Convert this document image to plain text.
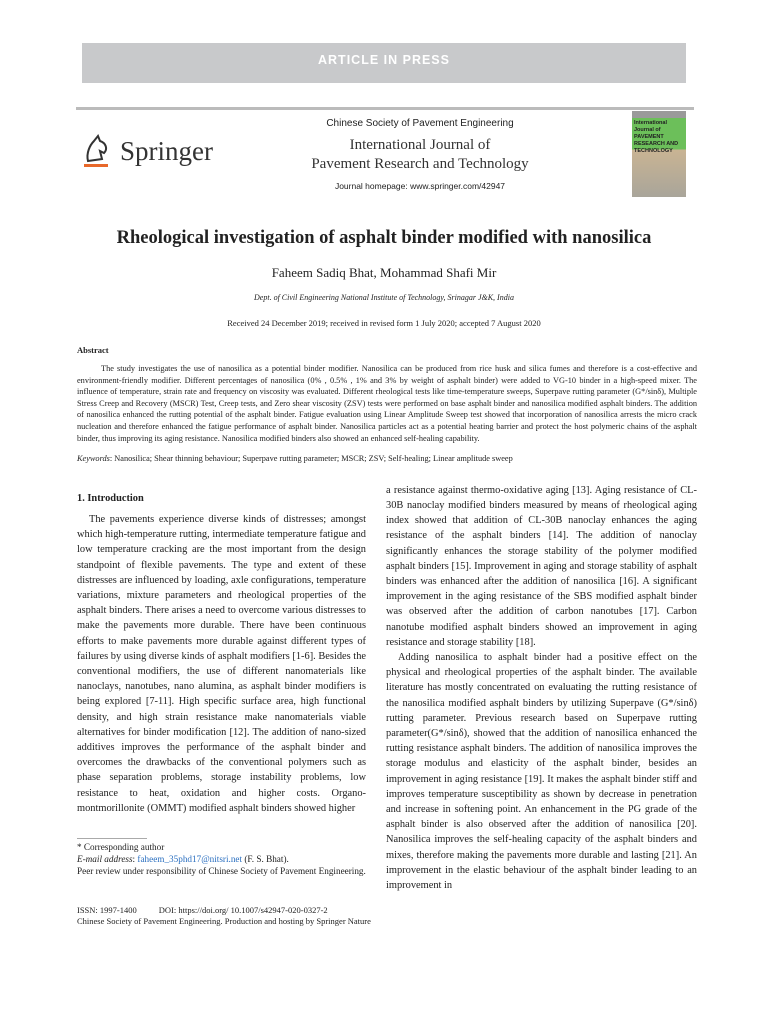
ARTICLE IN PRESS
Springer
Chinese Society of Pavement Engineering
International Journal of
Pavement Research and Technology
Journal homepage: www.springer.com/42947
International Journal of PAVEMENT RESEARCH AND TECHNOLOGY
Rheological investigation of asphalt binder modified with nanosilica
Faheem Sadiq Bhat, Mohammad Shafi Mir
Dept. of Civil Engineering National Institute of Technology, Srinagar J&K, India
Received 24 December 2019; received in revised form 1 July 2020; accepted 7 August 2020
Abstract
The study investigates the use of nanosilica as a potential binder modifier. Nanosilica can be produced from rice husk and silica fumes and therefore is a cost-effective and environment-friendly modifier. Different percentages of nanosilica (0% , 0.5% , 1% and 3% by weight of asphalt binder) were added to VG-10 binder in a high-speed mixer. The influence of temperature, strain rate and frequency on viscosity was evaluated. Different rheological tests like time-temperature sweeps, Superpave rutting parameter (G*/sinδ), Multiple Stress Creep and Recovery (MSCR) Test, Creep tests, and Zero shear viscosity (ZSV) tests were performed on base asphalt binder and nanosilica modified asphalt binders. The addition of nanosilica enhanced the rutting potential of the asphalt binder. Fatigue evaluation using Linear Amplitude Sweep test showed that incorporation of nanosilica arrests the micro crack nucleation and therefore enhanced the fatigue performance of asphalt binder. Nanosilica particles act as a potential heating barrier and protect the host polymeric chains of the asphalt binder, thus improving its aging resistance. Nanosilica modified binders also showed an enhanced self-healing capability.
Keywords: Nanosilica; Shear thinning behaviour; Superpave rutting parameter; MSCR; ZSV; Self-healing; Linear amplitude sweep

1. Introduction

The pavements experience diverse kinds of distresses; amongst which high-temperature rutting, intermediate temperature fatigue and low temperature cracking are the most important from the design standpoint of flexible pavements. The type and extent of these distresses are influenced by loading, axle configurations, temperature variations, mixture parameters and rheological properties of the asphalt binders. There arises a need to overcome various distresses to make the pavements more durable. There have been continuous efforts to make pavements more durable against different types of failures by using diverse kinds of asphalt modifiers [1-6]. Besides the conventional modifiers, the use of different nanomaterials like nanoclays, nanotubes, nano alumina, as asphalt binder modifiers is being explored [7-11]. High specific surface area, high functional density, and high strain resistance make nanomaterials viable alternatives for binder modification [12]. The addition of nano-sized additives improves the performance of the asphalt binder and overcomes the drawbacks of the conventional polymers such as phase separation problems, storage instability problems, low resistance to heat, oxidation and higher costs. Organo-montmorillonite (OMMT) modified asphalt binders showed higher

* Corresponding author
E-mail address: faheem_35phd17@nitsri.net (F. S. Bhat).
Peer review under responsibility of Chinese Society of Pavement Engineering.

a resistance against thermo-oxidative aging [13]. Aging resistance of CL-30B nanoclay modified binders measured by means of rheological aging index showed that addition of CL-30B nanoclay enhances the aging resistance of the asphalt binders [14]. The addition of nanoclay significantly enhances the storage stability of the polymer modified asphalt binders [15]. Improvement in aging and storage stability of asphalt binders was enhanced after the addition of nanosilica [16]. A significant improvement in the aging resistance of the SBS modified asphalt binder was observed after the addition of carbon nanotubes [17]. Carbon nanotube modified asphalt binders showed an improvement in aging resistance and storage stability [18].

Adding nanosilica to asphalt binder had a positive effect on the physical and rheological properties of the asphalt binder. The available literature has mostly concentrated on evaluating the rutting resistance of the nanosilica modified asphalt binders by utilizing Superpave (G*/sinδ) rutting parameter. Previous research based on Superpave rutting parameter(G*/sinδ), showed that the addition of nanosilica enhanced the rutting resistance asphalt binders. The addition of nanosilica improves the storage modulus and elasticity of the asphalt binder, besides an improvement in aging resistance [19]. It makes the asphalt binder stiff and improves temperature susceptibility as shown by decrease in penetration and increase in softening point. An enhancement in the PG grade of the asphalt binder is also observed after the addition of nanosilica [20]. Nanosilica improves the self-healing capacity of the asphalt binders and mixes, therefore making the pavements more durable and lasting [21]. An improvement in the elastic behaviour of the asphalt binder leading to an improvement in

ISSN: 1997-1400	DOI: https://doi.org/ 10.1007/s42947-020-0327-2
Chinese Society of Pavement Engineering. Production and hosting by Springer Nature
